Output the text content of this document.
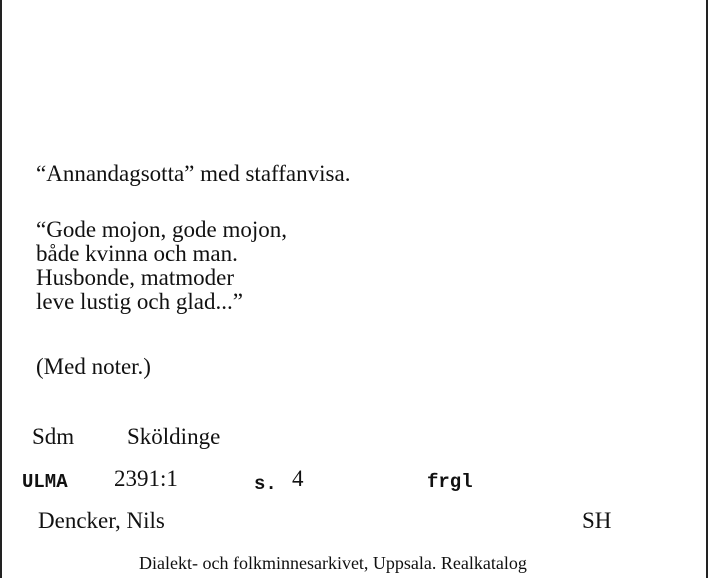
“Annandagsotta” med staffanvisa.
“Gode mojon, gode mojon,
både kvinna och man.
Husbonde, matmoder
leve lustig och glad...”
(Med noter.)
Sdm Sköldinge
ULMA 2391:1	s. 4	frgl
Dencker, Nils	SH
Dialekt- och folkminnesarkivet, Uppsala. Realkatalog
